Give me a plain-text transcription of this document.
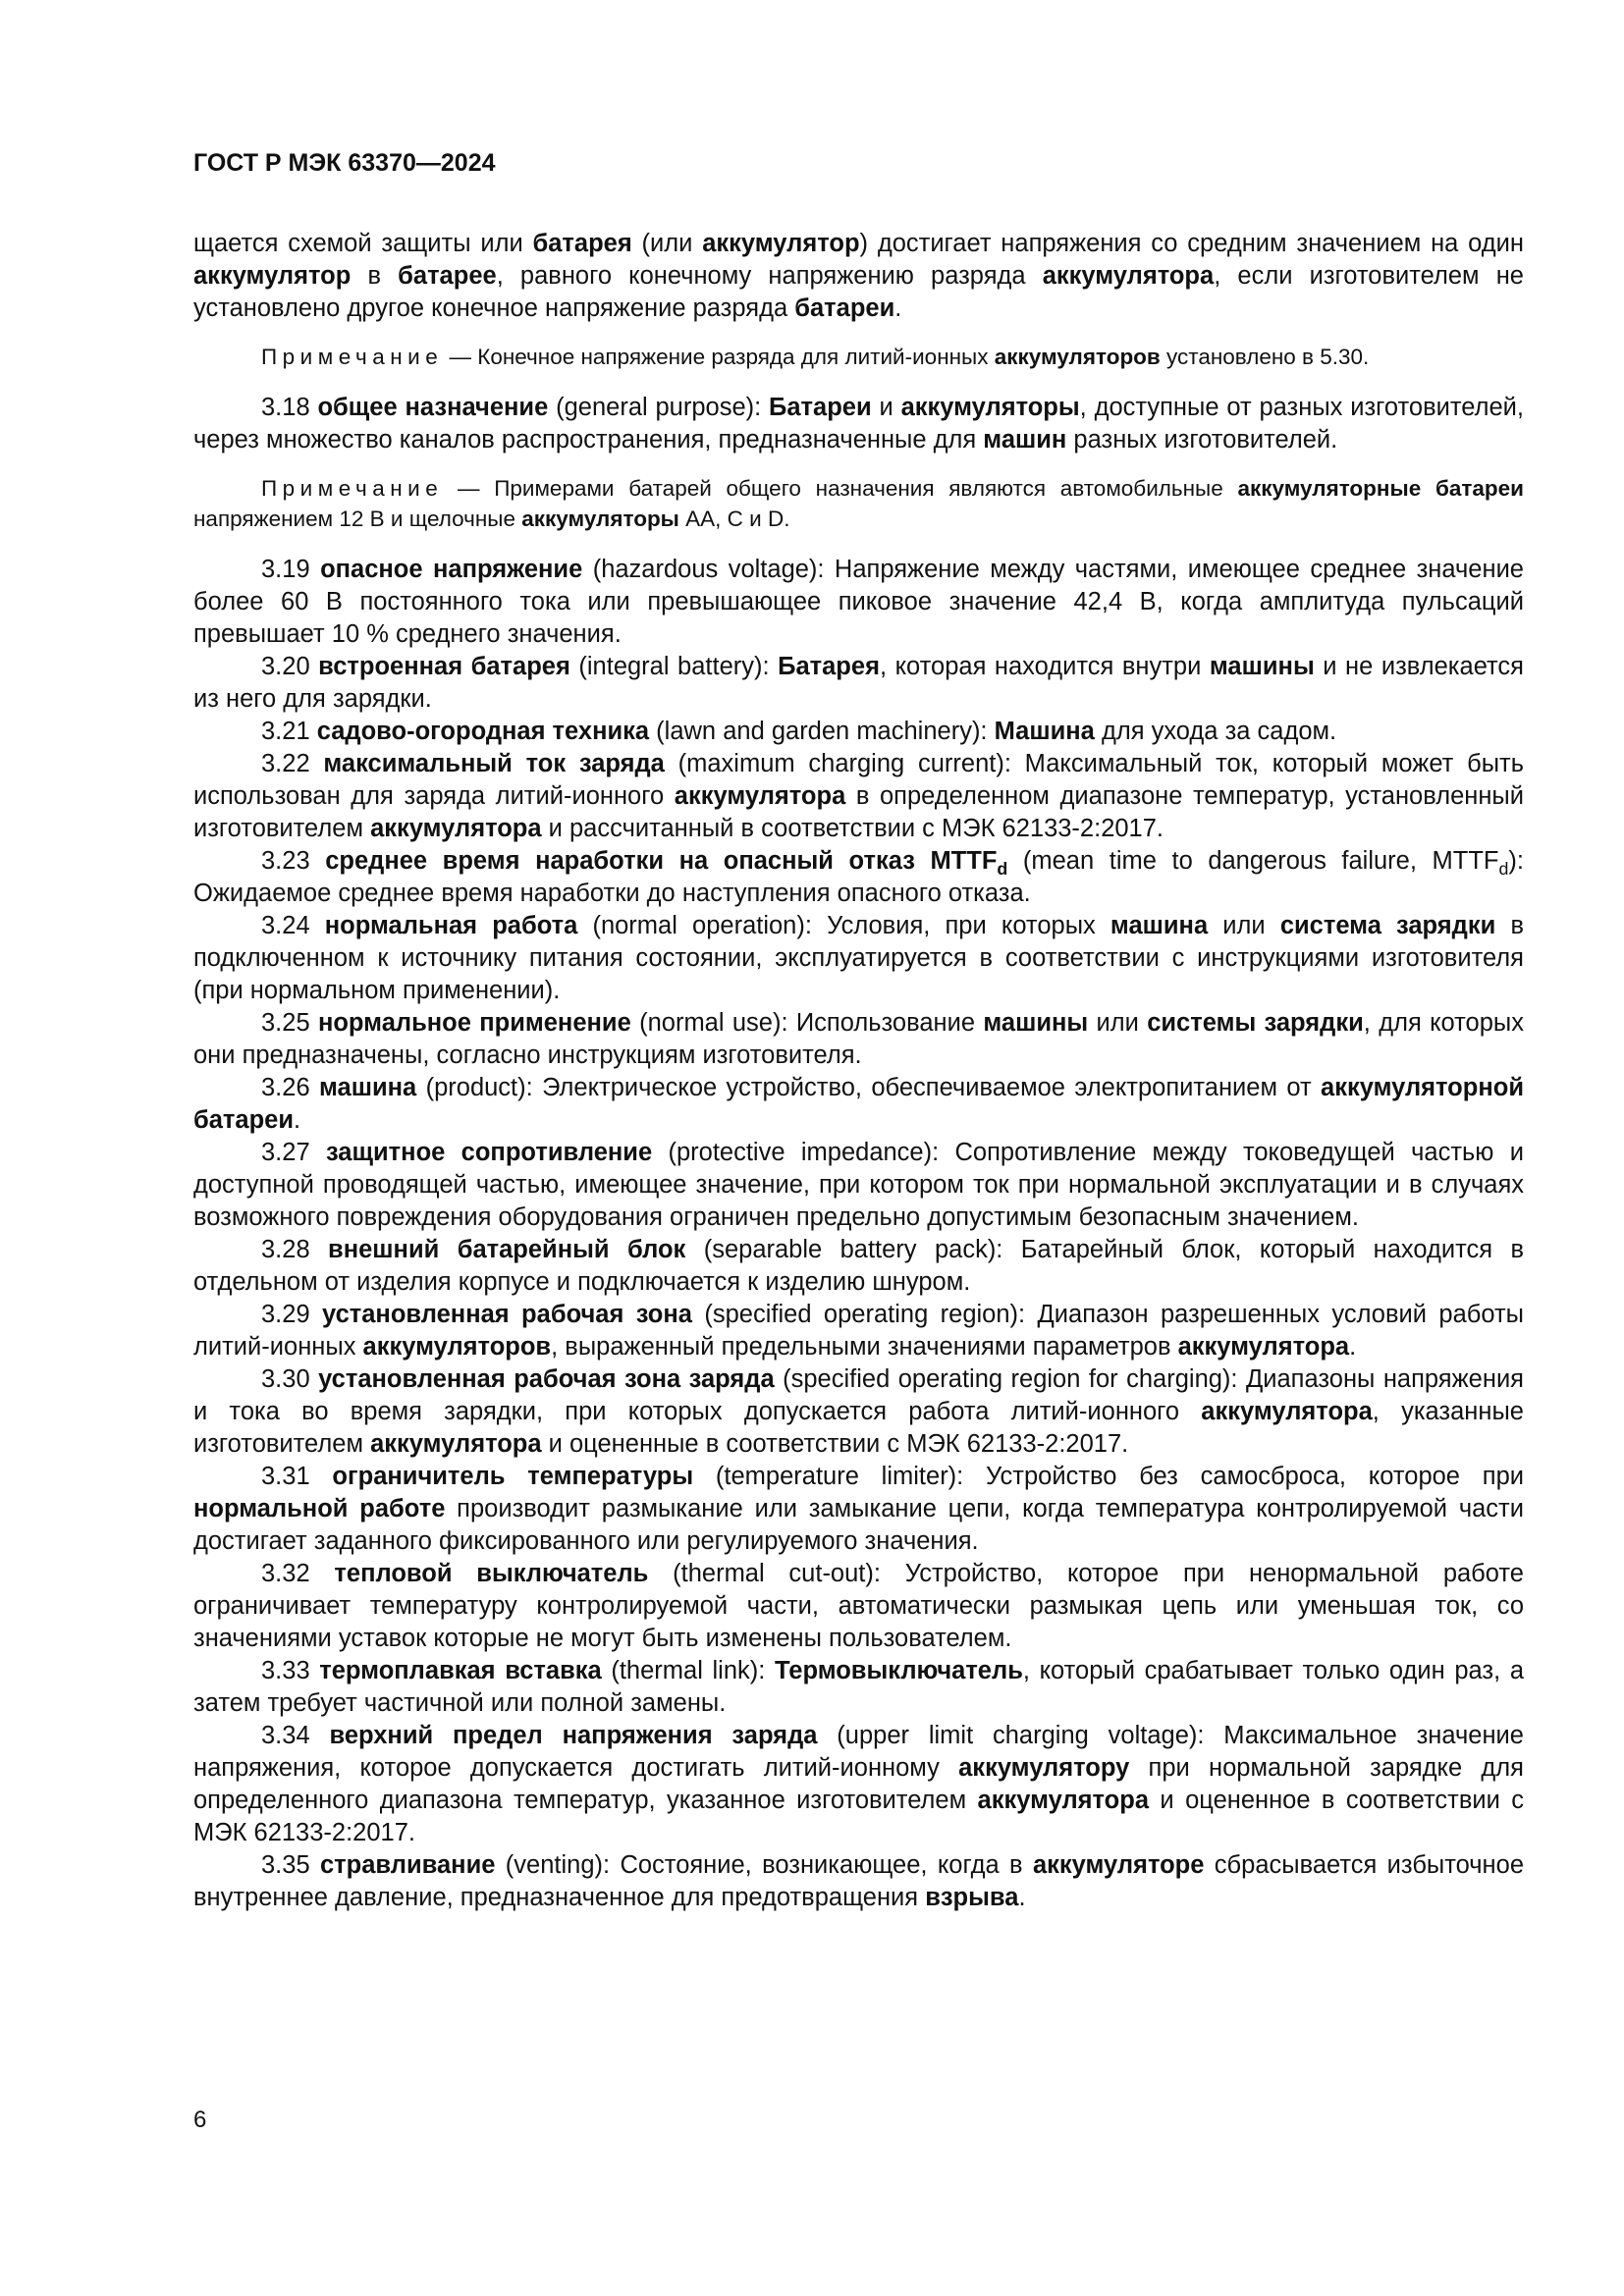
ГОСТ Р МЭК 63370—2024

щается схемой защиты или батарея (или аккумулятор) достигает напряжения со средним значением на один аккумулятор в батарее, равного конечному напряжению разряда аккумулятора, если изготовителем не установлено другое конечное напряжение разряда батареи.

Примечание — Конечное напряжение разряда для литий-ионных аккумуляторов установлено в 5.30.

3.18 общее назначение (general purpose): Батареи и аккумуляторы, доступные от разных изготовителей, через множество каналов распространения, предназначенные для машин разных изготовителей.

Примечание — Примерами батарей общего назначения являются автомобильные аккумуляторные батареи напряжением 12 В и щелочные аккумуляторы AA, C и D.

3.19 опасное напряжение (hazardous voltage): Напряжение между частями, имеющее среднее значение более 60 В постоянного тока или превышающее пиковое значение 42,4 В, когда амплитуда пульсаций превышает 10 % среднего значения.

3.20 встроенная батарея (integral battery): Батарея, которая находится внутри машины и не извлекается из него для зарядки.

3.21 садово-огородная техника (lawn and garden machinery): Машина для ухода за садом.

3.22 максимальный ток заряда (maximum charging current): Максимальный ток, который может быть использован для заряда литий-ионного аккумулятора в определенном диапазоне температур, установленный изготовителем аккумулятора и рассчитанный в соответствии с МЭК 62133-2:2017.

3.23 среднее время наработки на опасный отказ $MTTF_d$ (mean time to dangerous failure, $MTTF_d$): Ожидаемое среднее время наработки до наступления опасного отказа.

3.24 нормальная работа (normal operation): Условия, при которых машина или система зарядки в подключенном к источнику питания состоянии, эксплуатируется в соответствии с инструкциями изготовителя (при нормальном применении).

3.25 нормальное применение (normal use): Использование машины или системы зарядки, для которых они предназначены, согласно инструкциям изготовителя.

3.26 машина (product): Электрическое устройство, обеспечиваемое электропитанием от аккумуляторной батареи.

3.27 защитное сопротивление (protective impedance): Сопротивление между токоведущей частью и доступной проводящей частью, имеющее значение, при котором ток при нормальной эксплуатации и в случаях возможного повреждения оборудования ограничен предельно допустимым безопасным значением.

3.28 внешний батарейный блок (separable battery pack): Батарейный блок, который находится в отдельном от изделия корпусе и подключается к изделию шнуром.

3.29 установленная рабочая зона (specified operating region): Диапазон разрешенных условий работы литий-ионных аккумуляторов, выраженный предельными значениями параметров аккумулятора.

3.30 установленная рабочая зона заряда (specified operating region for charging): Диапазоны напряжения и тока во время зарядки, при которых допускается работа литий-ионного аккумулятора, указанные изготовителем аккумулятора и оцененные в соответствии с МЭК 62133-2:2017.

3.31 ограничитель температуры (temperature limiter): Устройство без самосброса, которое при нормальной работе производит размыкание или замыкание цепи, когда температура контролируемой части достигает заданного фиксированного или регулируемого значения.

3.32 тепловой выключатель (thermal cut-out): Устройство, которое при ненормальной работе ограничивает температуру контролируемой части, автоматически размыкая цепь или уменьшая ток, со значениями уставок которые не могут быть изменены пользователем.

3.33 термоплавкая вставка (thermal link): Термовыключатель, который срабатывает только один раз, а затем требует частичной или полной замены.

3.34 верхний предел напряжения заряда (upper limit charging voltage): Максимальное значение напряжения, которое допускается достигать литий-ионному аккумулятору при нормальной зарядке для определенного диапазона температур, указанное изготовителем аккумулятора и оцененное в соответствии с МЭК 62133-2:2017.

3.35 стравливание (venting): Состояние, возникающее, когда в аккумуляторе сбрасывается избыточное внутреннее давление, предназначенное для предотвращения взрыва.

6
